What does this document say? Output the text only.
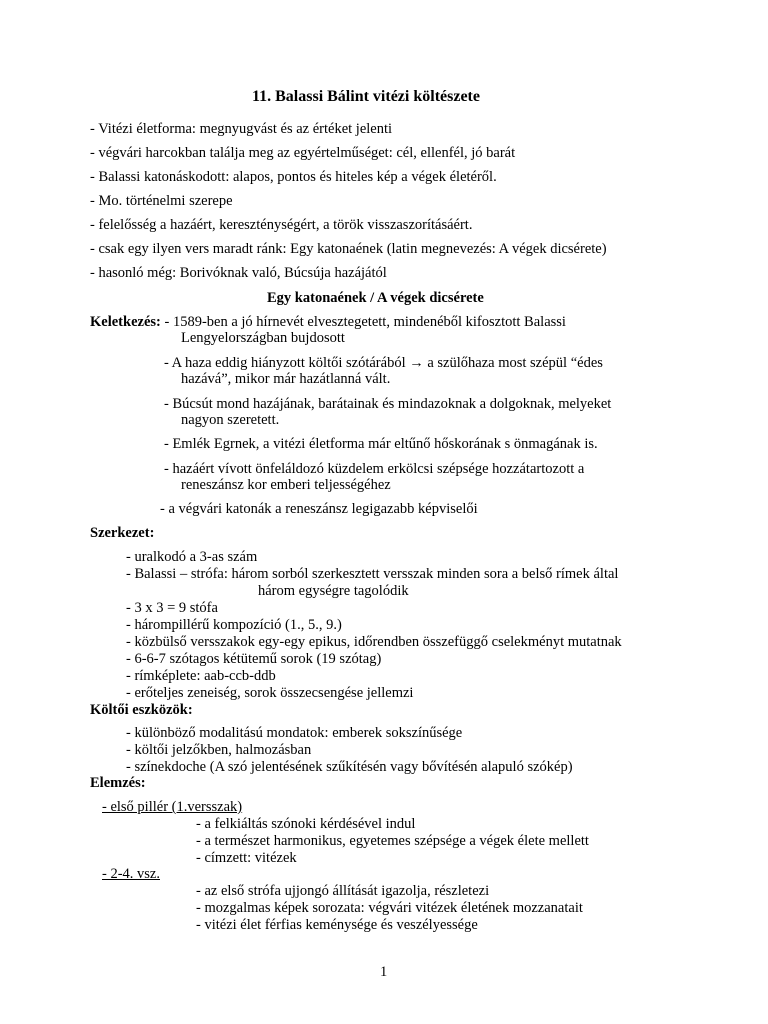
11. Balassi Bálint vitézi költészete
- Vitézi életforma: megnyugvást és az értéket jelenti
- végvári harcokban találja meg az egyértelműséget: cél, ellenfél, jó barát
- Balassi katonáskodott: alapos, pontos és hiteles kép a végek életéről.
- Mo. történelmi szerepe
- felelősség a hazáért, kereszténységért, a török visszaszorításáért.
- csak egy ilyen vers maradt ránk: Egy katonaének (latin megnevezés: A végek dicsérete)
- hasonló még: Borivóknak való, Búcsúja hazájától
Egy katonaének / A végek dicsérete
Keletkezés: - 1589-ben a jó hírnevét elvesztegetett, mindenéből kifosztott Balassi
Lengyelországban bujdosott
- A haza eddig hiányzott költői szótárából → a szülőhaza most szépül “édes
hazává”, mikor már hazátlanná vált.
- Búcsút mond hazájának, barátainak és mindazoknak a dolgoknak, melyeket
nagyon szeretett.
- Emlék Egrnek, a vitézi életforma már eltűnő hőskorának s önmagának is.
- hazáért vívott önfeláldozó küzdelem erkölcsi szépsége hozzátartozott a
reneszánsz kor emberi teljességéhez
- a végvári katonák a reneszánsz legigazabb képviselői
Szerkezet:
- uralkodó a 3-as szám
- Balassi – strófa: három sorból szerkesztett versszak minden sora a belső rímek által
három egységre tagolódik
- 3 x 3 = 9 stófa
- hárompillérű kompozíció (1., 5., 9.)
- közbülső versszakok egy-egy epikus, időrendben összefüggő cselekményt mutatnak
- 6-6-7 szótagos kétütemű sorok (19 szótag)
- rímképlete: aab-ccb-ddb
- erőteljes zeneiség, sorok összecsengése jellemzi
Költői eszközök:
- különböző modalitású mondatok: emberek sokszínűsége
- költői jelzőkben, halmozásban
- színekdoche (A szó jelentésének szűkítésén vagy bővítésén alapuló szókép)
Elemzés:
- első pillér (1.versszak)
- a felkiáltás szónoki kérdésével indul
- a természet harmonikus, egyetemes szépsége a végek élete mellett
- címzett: vitézek
- 2-4. vsz.
- az első strófa ujjongó állítását igazolja, részletezi
- mozgalmas képek sorozata: végvári vitézek életének mozzanatait
- vitézi élet férfias keménysége és veszélyessége
1
